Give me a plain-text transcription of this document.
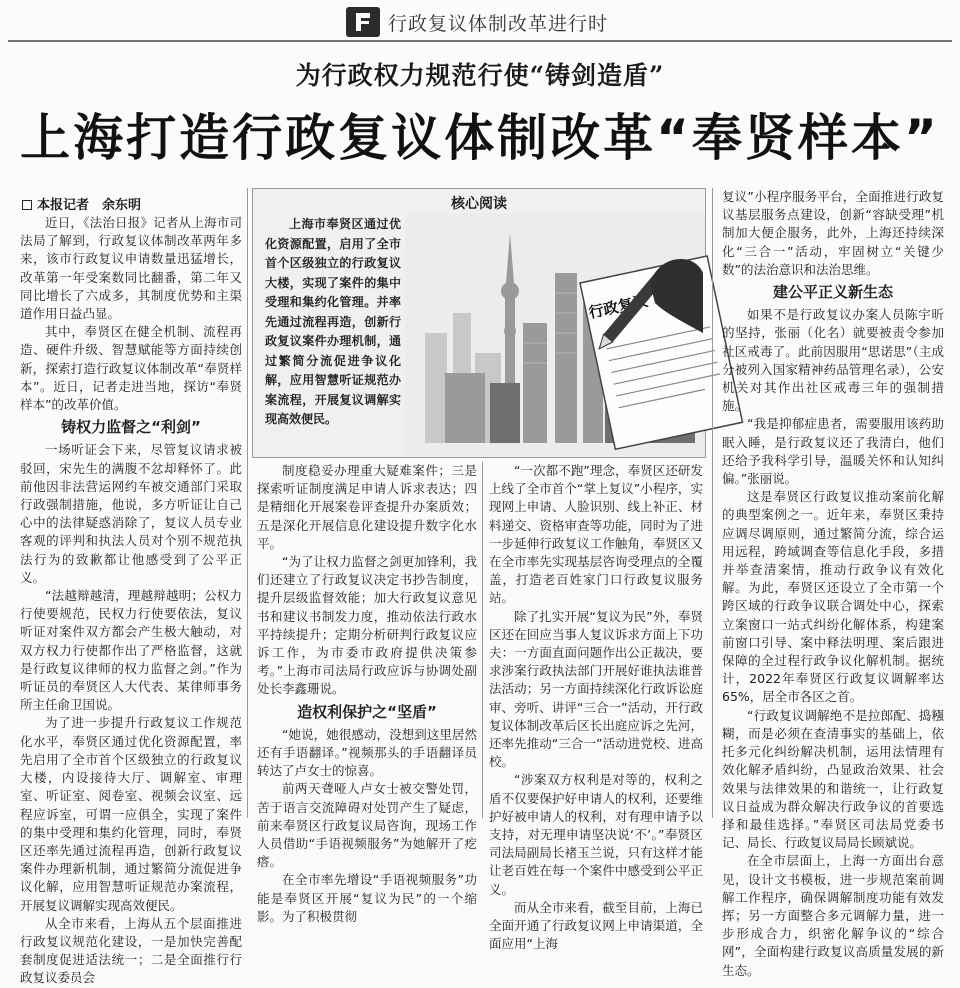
行政复议体制改革进行时
为行政权力规范行使“铸剑造盾”
上海打造行政复议体制改革“奉贤样本”
本报记者　余东明

近日，《法治日报》记者从上海市司法局了解到，行政复议体制改革两年多来，该市行政复议申请数量迅猛增长，改革第一年受案数同比翻番，第二年又同比增长了六成多，其制度优势和主渠道作用日益凸显。

其中，奉贤区在健全机制、流程再造、硬件升级、智慧赋能等方面持续创新，探索打造行政复议体制改革“奉贤样本”。近日，记者走进当地，探访“奉贤样本”的改革价值。

铸权力监督之“利剑”

一场听证会下来，尽管复议请求被驳回，宋先生的满腹不忿却释怀了。此前他因非法营运网约车被交通部门采取行政强制措施，他说，多方听证让自己心中的法律疑惑消除了，复议人员专业客观的评判和执法人员对个别不规范执法行为的致歉都让他感受到了公平正义。

“法越辩越清，理越辩越明；公权力行使要规范，民权力行使要依法，复议听证对案件双方都会产生极大触动，对双方权力行使都作出了严格监督，这就是行政复议律师的权力监督之剑。”作为听证员的奉贤区人大代表、某律师事务所主任俞卫国说。

为了进一步提升行政复议工作规范化水平，奉贤区通过优化资源配置，率先启用了全市首个区级独立的行政复议大楼，内设接待大厅、调解室、审理室、听证室、阅卷室、视频会议室、远程应诉室，可谓一应俱全，实现了案件的集中受理和集约化管理，同时，奉贤区还率先通过流程再造，创新行政复议案件办理新机制，通过繁简分流促进争议化解，应用智慧听证规范办案流程，开展复议调解实现高效便民。

从全市来看，上海从五个层面推进行政复议规范化建设，一是加快完善配套制度促进适法统一；二是全面推行行政复议委员会

核心阅读
上海市奉贤区通过优化资源配置，启用了全市首个区级独立的行政复议大楼，实现了案件的集中受理和集约化管理。并率先通过流程再造，创新行政复议案件办理机制，通过繁简分流促进争议化解，应用智慧听证规范办案流程，开展复议调解实现高效便民。
行政复议

制度稳妥办理重大疑难案件；三是探索听证制度满足申请人诉求表达；四是精细化开展案卷评查提升办案质效；五是深化开展信息化建设提升数字化水平。

“为了让权力监督之剑更加锋利，我们还建立了行政复议决定书抄告制度，提升层级监督效能；加大行政复议意见书和建议书制发力度，推动依法行政水平持续提升；定期分析研判行政复议应诉工作，为市委市政府提供决策参考。”上海市司法局行政应诉与协调处副处长李鑫珊说。

造权利保护之“坚盾”

“她说，她很感动，没想到这里居然还有手语翻译。”视频那头的手语翻译员转达了卢女士的惊喜。

前两天聋哑人卢女士被交警处罚，苦于语言交流障碍对处罚产生了疑虑，前来奉贤区行政复议局咨询，现场工作人员借助“手语视频服务”为她解开了疙瘩。

在全市率先增设“手语视频服务”功能是奉贤区开展“复议为民”的一个缩影。为了积极贯彻

“一次都不跑”理念，奉贤区还研发上线了全市首个“掌上复议”小程序，实现网上申请、人脸识别、线上补正、材料递交、资格审查等功能，同时为了进一步延伸行政复议工作触角，奉贤区又在全市率先实现基层咨询受理点的全覆盖，打造老百姓家门口行政复议服务站。

除了扎实开展“复议为民”外，奉贤区还在回应当事人复议诉求方面上下功夫：一方面直面问题作出公正裁决，要求涉案行政执法部门开展好谁执法谁普法活动；另一方面持续深化行政诉讼庭审、旁听、讲评“三合一”活动，开行政复议体制改革后区长出庭应诉之先河，还率先推动“三合一”活动进党校、进高校。

“涉案双方权利是对等的，权利之盾不仅要保护好申请人的权利，还要维护好被申请人的权利，对有理申请予以支持，对无理申请坚决说‘不’。”奉贤区司法局副局长褚玉兰说，只有这样才能让老百姓在每一个案件中感受到公平正义。

而从全市来看，截至目前，上海已全面开通了行政复议网上申请渠道，全面应用“上海

复议”小程序服务平台，全面推进行政复议基层服务点建设，创新“容缺受理”机制加大便企服务，此外，上海还持续深化“三合一”活动，牢固树立“关键少数”的法治意识和法治思维。

建公平正义新生态

如果不是行政复议办案人员陈宇昕的坚持，张丽（化名）就要被责令参加社区戒毒了。此前因服用“思诺思”（主成分被列入国家精神药品管理名录），公安机关对其作出社区戒毒三年的强制措施。

“我是抑郁症患者，需要服用该药助眠入睡，是行政复议还了我清白，他们还给予我科学引导，温暖关怀和认知纠偏。”张丽说。

这是奉贤区行政复议推动案前化解的典型案例之一。近年来，奉贤区秉持应调尽调原则，通过繁简分流，综合运用远程，跨域调查等信息化手段，多措并举查清案情，推动行政争议有效化解。为此，奉贤区还设立了全市第一个跨区域的行政争议联合调处中心，探索立案窗口一站式纠纷化解体系，构建案前窗口引导、案中释法明理、案后跟进保障的全过程行政争议化解机制。据统计，2022年奉贤区行政复议调解率达65%，居全市各区之首。

“行政复议调解绝不是拉郎配、捣糨糊，而是必须在查清事实的基础上，依托多元化纠纷解决机制，运用法情理有效化解矛盾纠纷，凸显政治效果、社会效果与法律效果的和谐统一，让行政复议日益成为群众解决行政争议的首要选择和最佳选择。”奉贤区司法局党委书记、局长、行政复议局局长顾斌说。

在全市层面上，上海一方面出台意见，设计文书模板，进一步规范案前调解工作程序，确保调解制度功能有效发挥；另一方面整合多元调解力量，进一步形成合力，织密化解争议的“综合网”，全面构建行政复议高质量发展的新生态。
